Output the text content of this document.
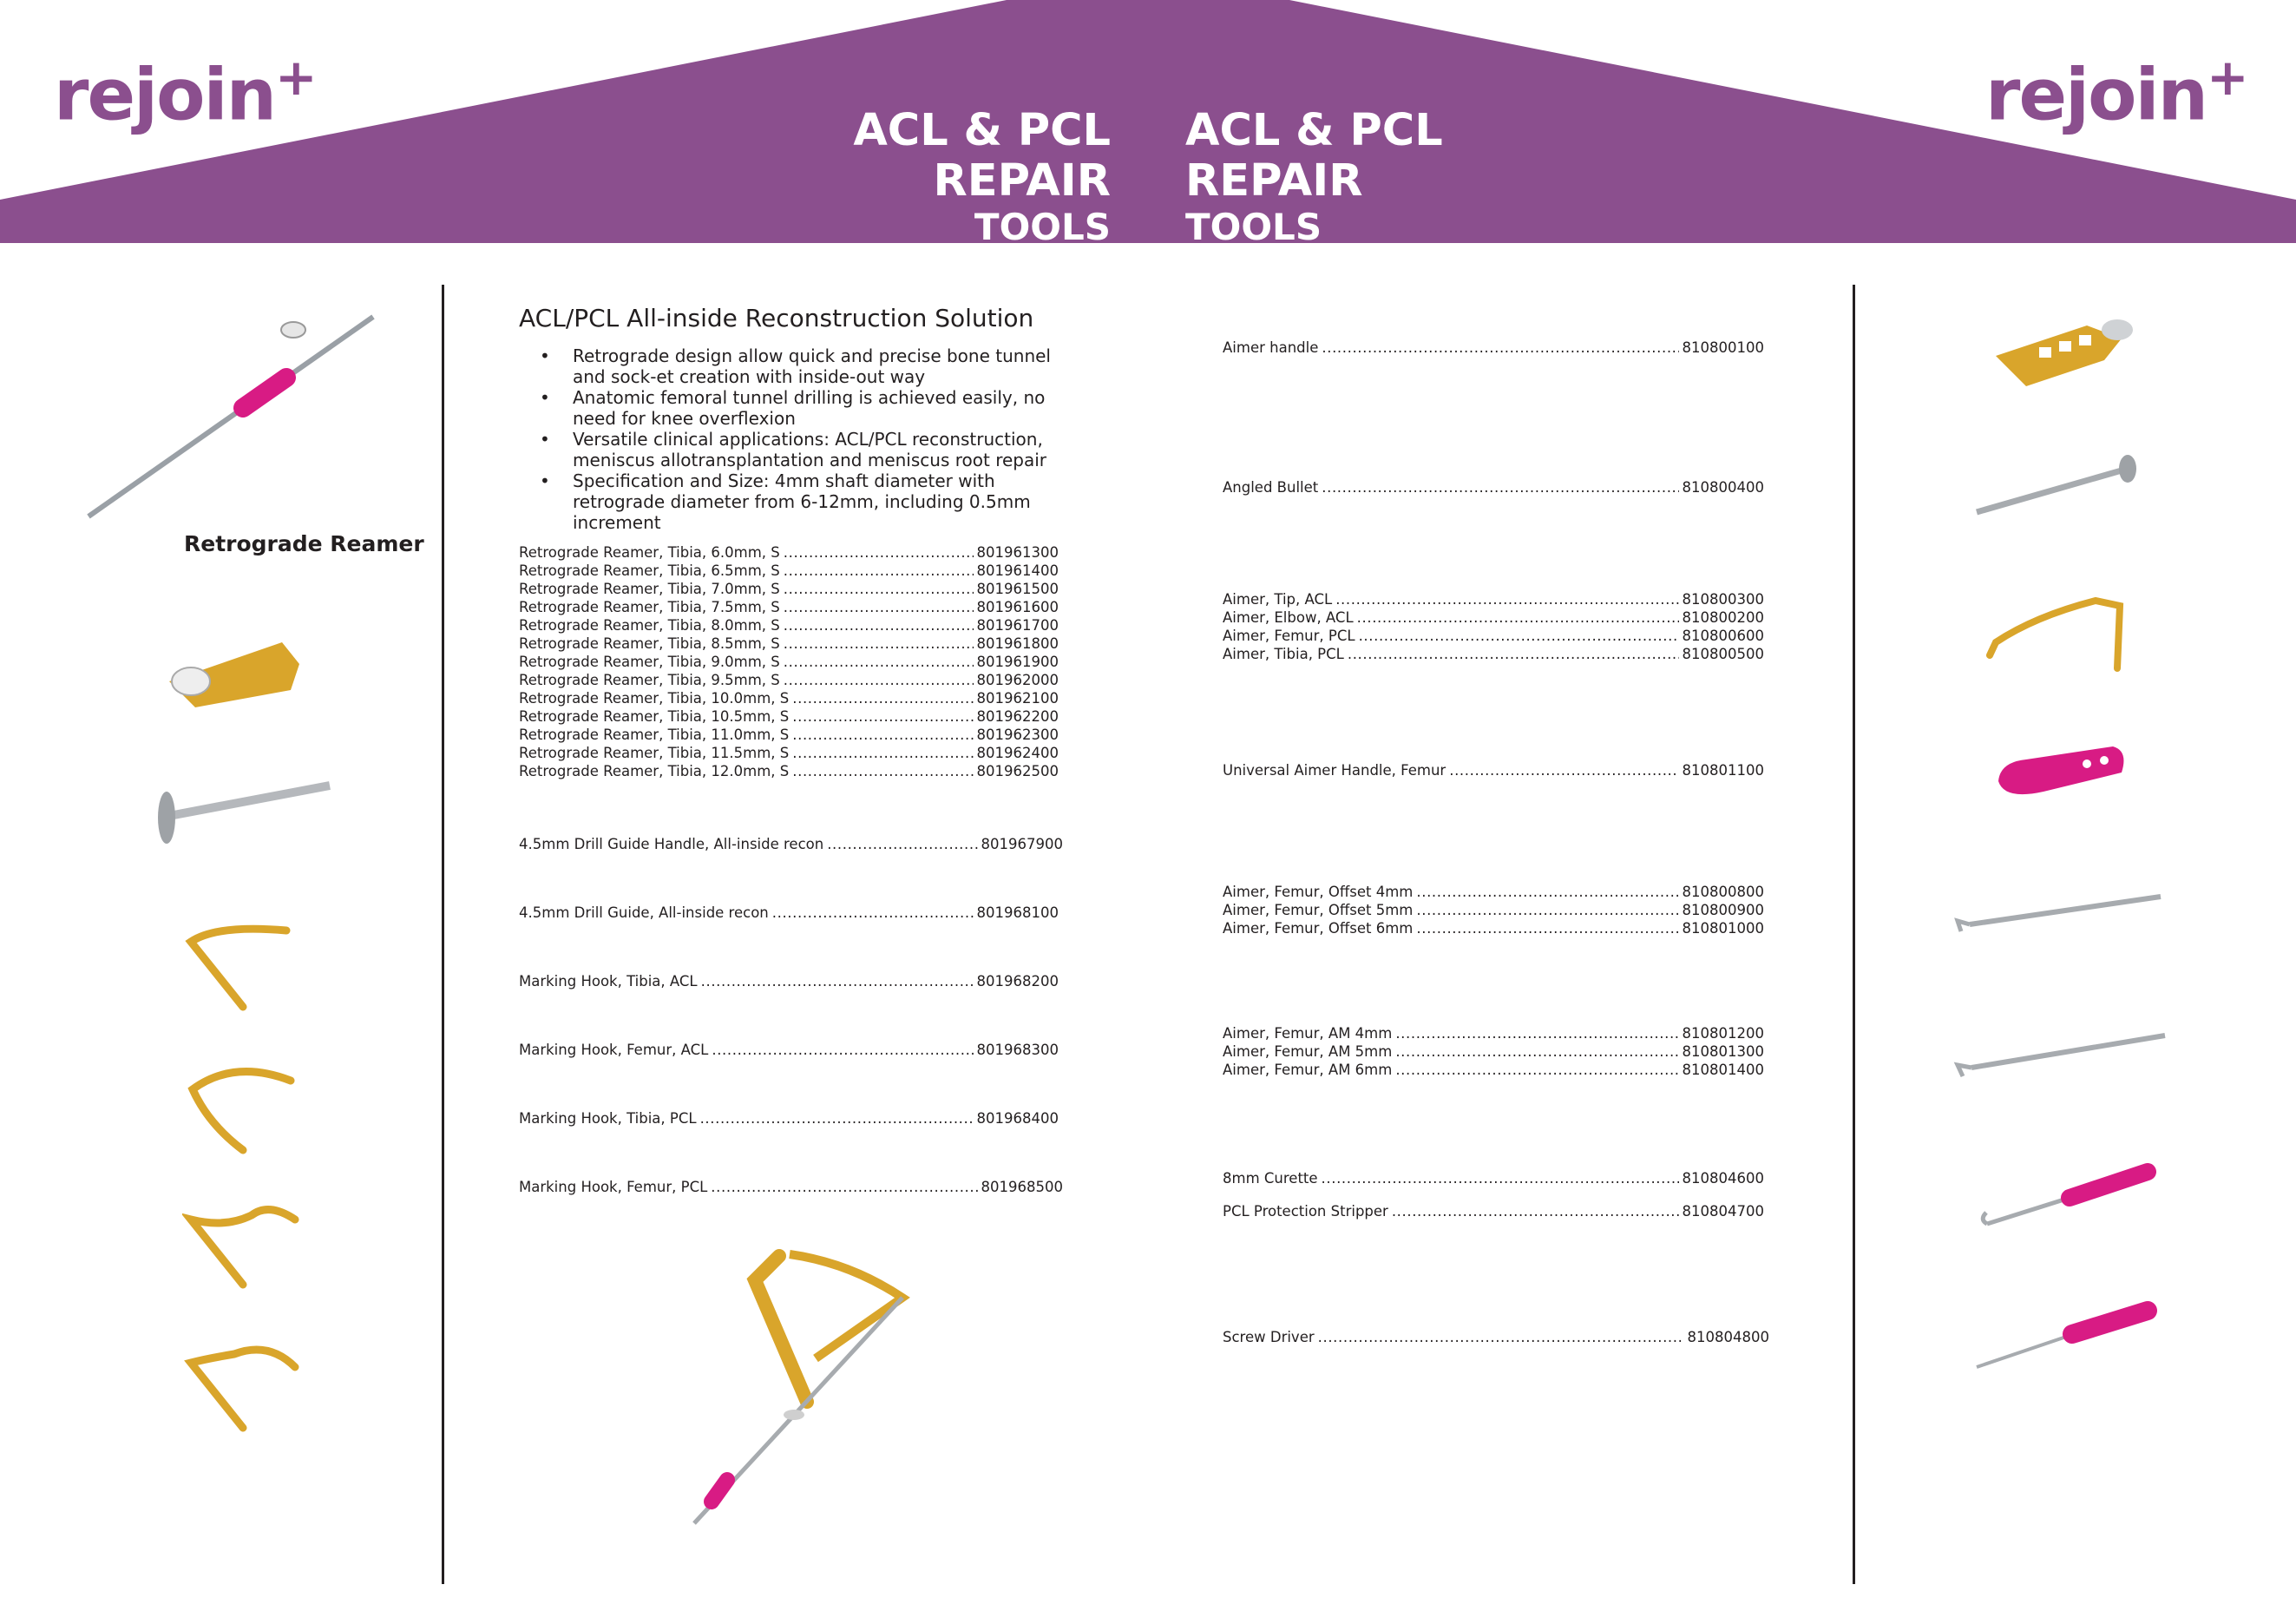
rejoin+	rejoin+
ACL & PCL REPAIR
TOOLS
ACL & PCL REPAIR
TOOLS
Retrograde Reamer
ACL/PCL All-inside Reconstruction Solution
• Retrograde design allow quick and precise bone tunnel and sock-et creation with inside-out way
• Anatomic femoral tunnel drilling is achieved easily, no need for knee overflexion
• Versatile clinical applications: ACL/PCL reconstruction, meniscus allotransplantation and meniscus root repair
• Specification and Size: 4mm shaft diameter with retrograde diameter from 6-12mm, including 0.5mm increment
Retrograde Reamer, Tibia, 6.0mm, S .....	801961300
Retrograde Reamer, Tibia, 6.5mm, S .....	801961400
Retrograde Reamer, Tibia, 7.0mm, S .....	801961500
Retrograde Reamer, Tibia, 7.5mm, S .....	801961600
Retrograde Reamer, Tibia, 8.0mm, S .....	801961700
Retrograde Reamer, Tibia, 8.5mm, S .....	801961800
Retrograde Reamer, Tibia, 9.0mm, S .....	801961900
Retrograde Reamer, Tibia, 9.5mm, S .....	801962000
Retrograde Reamer, Tibia, 10.0mm, S .....	801962100
Retrograde Reamer, Tibia, 10.5mm, S .....	801962200
Retrograde Reamer, Tibia, 11.0mm, S .....	801962300
Retrograde Reamer, Tibia, 11.5mm, S .....	801962400
Retrograde Reamer, Tibia, 12.0mm, S .....	801962500
4.5mm Drill Guide Handle, All-inside recon .....	801967900
4.5mm Drill Guide, All-inside recon .....	801968100
Marking Hook, Tibia, ACL .....	801968200
Marking Hook, Femur, ACL .....	801968300
Marking Hook, Tibia, PCL .....	801968400
Marking Hook, Femur, PCL .....	801968500
Aimer handle .....	810800100
Angled Bullet .....	810800400
Aimer, Tip, ACL .....	810800300
Aimer, Elbow, ACL .....	810800200
Aimer, Femur, PCL .....	810800600
Aimer, Tibia, PCL .....	810800500
Universal Aimer Handle, Femur .....	810801100
Aimer, Femur, Offset 4mm .....	810800800
Aimer, Femur, Offset 5mm .....	810800900
Aimer, Femur, Offset 6mm .....	810801000
Aimer, Femur, AM 4mm .....	810801200
Aimer, Femur, AM 5mm .....	810801300
Aimer, Femur, AM 6mm .....	810801400
8mm Curette .....	810804600
PCL Protection Stripper .....	810804700
Screw Driver .....	810804800
